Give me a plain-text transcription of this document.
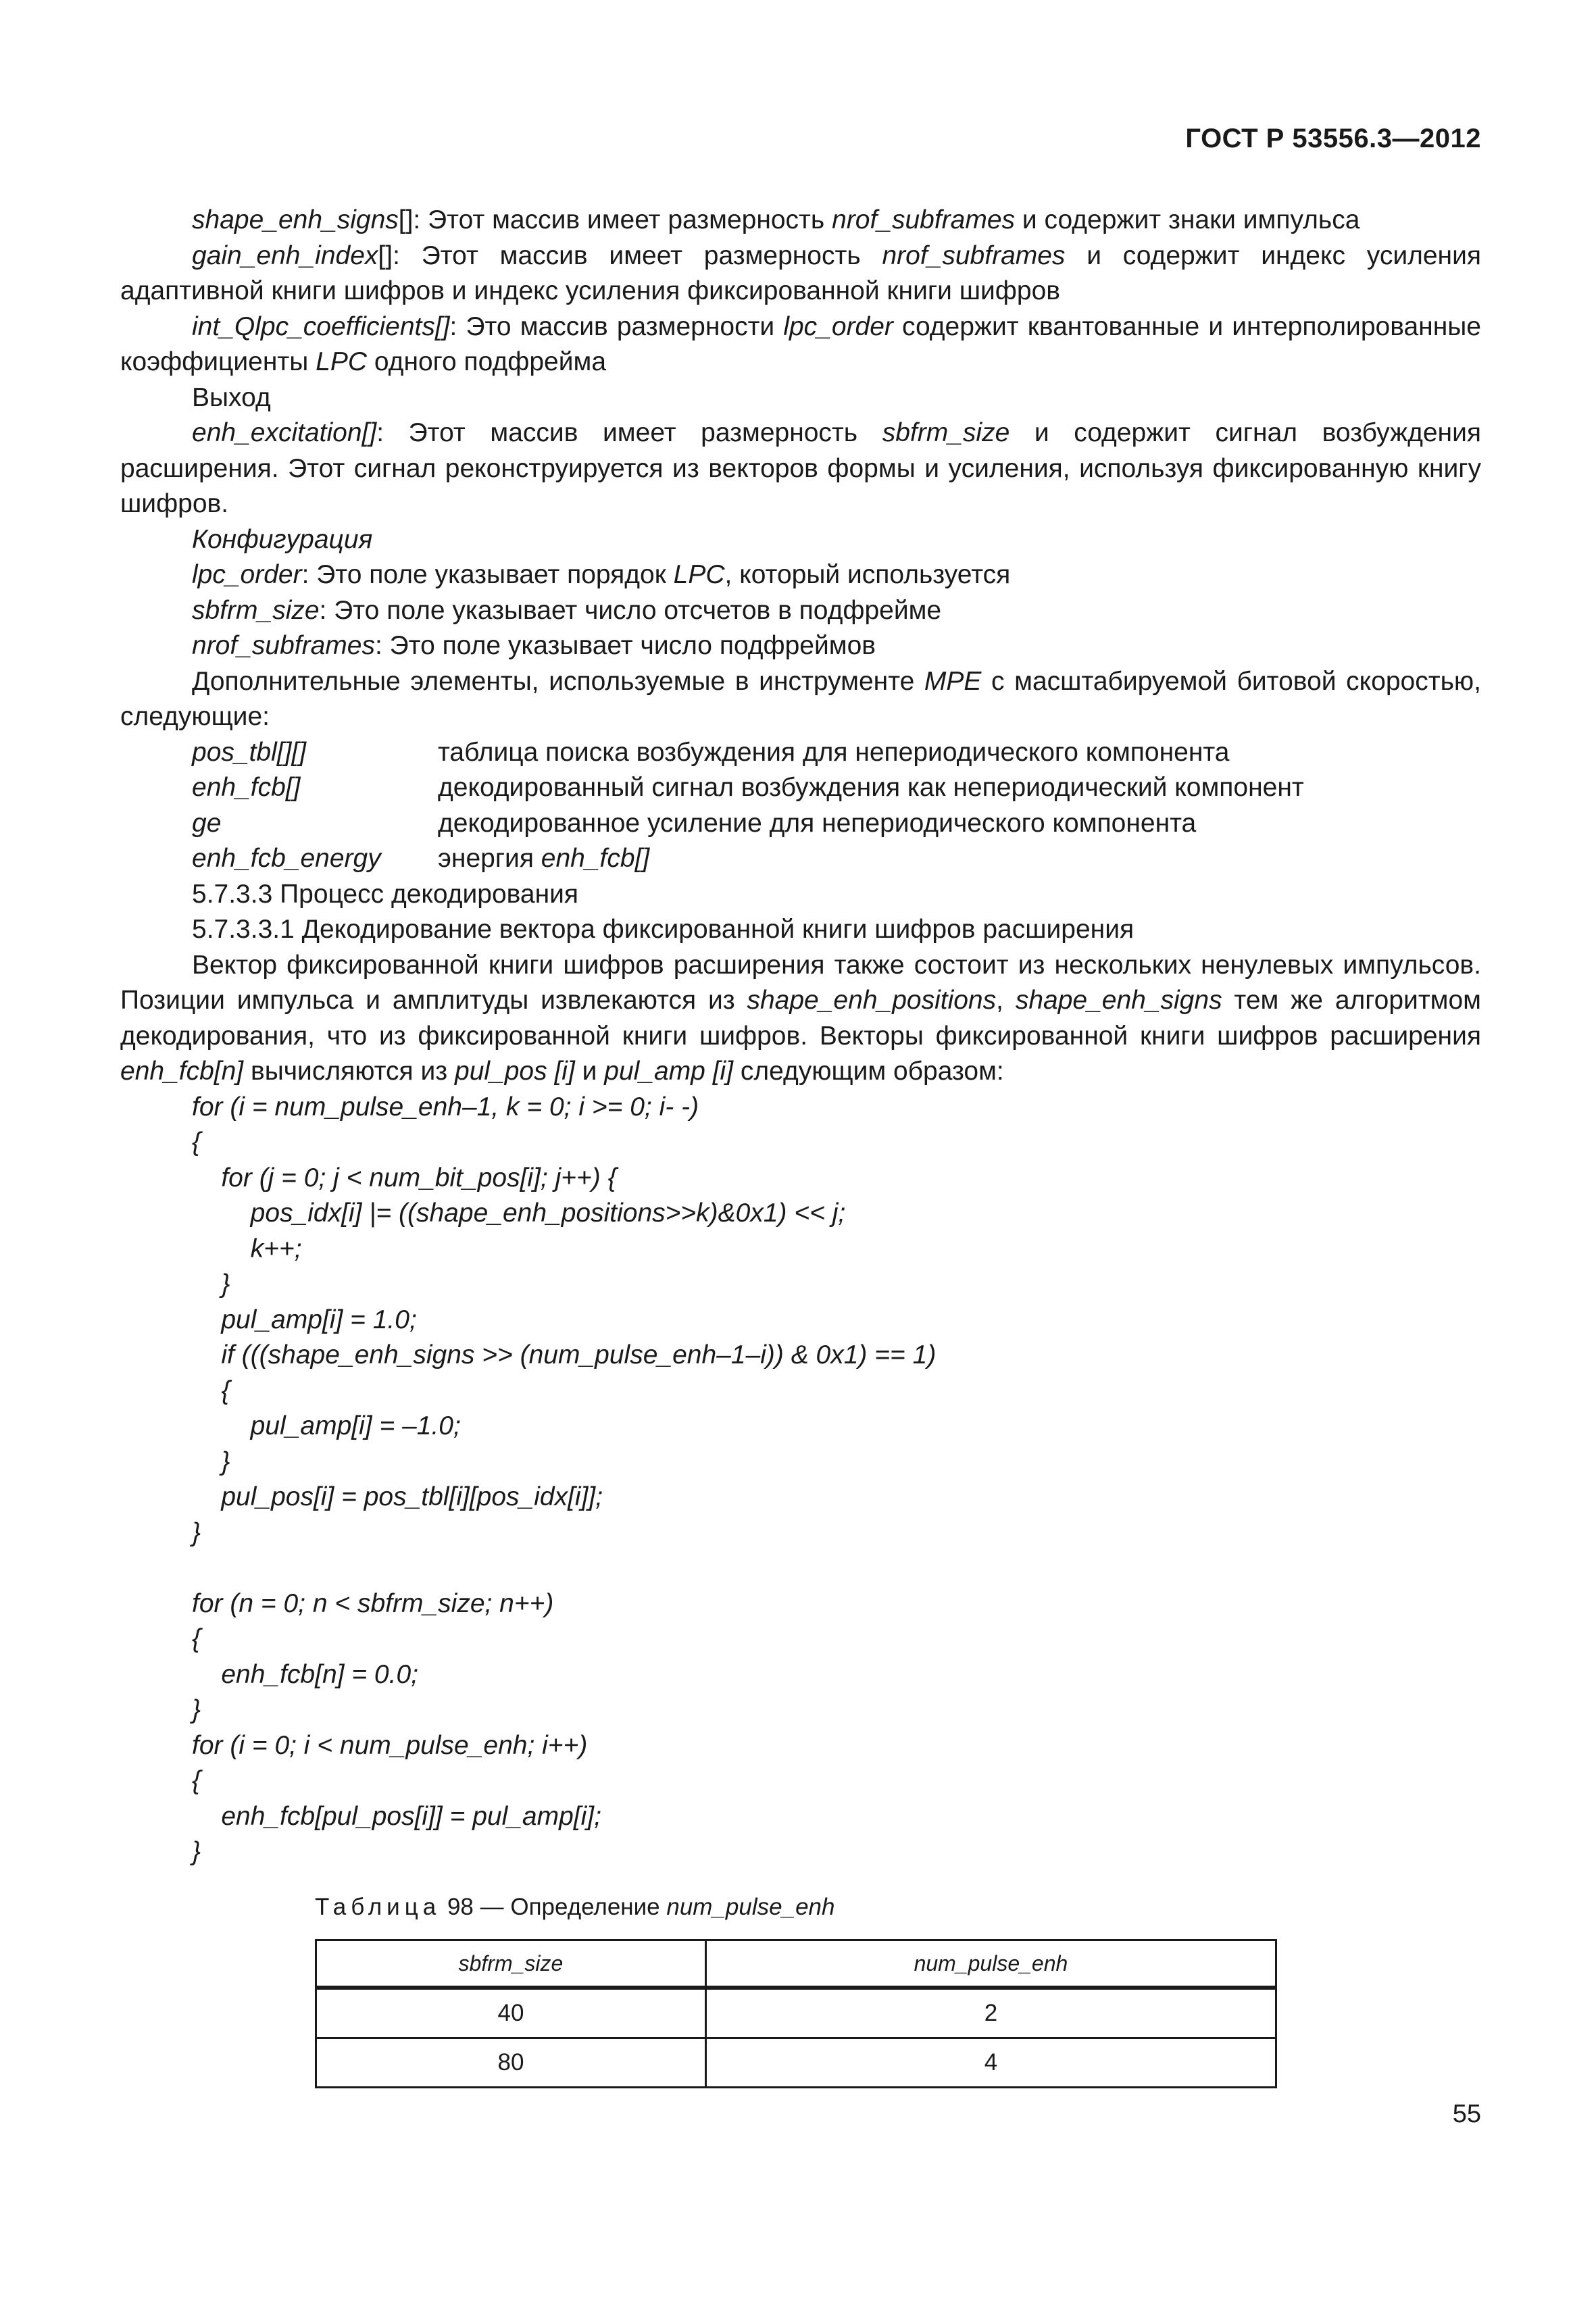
ГОСТ Р 53556.3—2012

shape_enh_signs[]: Этот массив имеет размерность nrof_subframes и содержит знаки импульса

gain_enh_index[]: Этот массив имеет размерность nrof_subframes и содержит индекс усиления адаптивной книги шифров и индекс усиления фиксированной книги шифров

int_Qlpc_coefficients[]: Это массив размерности lpc_order содержит квантованные и интерполированные коэффициенты LPC одного подфрейма

Выход

enh_excitation[]: Этот массив имеет размерность sbfrm_size и содержит сигнал возбуждения расширения. Этот сигнал реконструируется из векторов формы и усиления, используя фиксированную книгу шифров.

Конфигурация

lpc_order: Это поле указывает порядок LPC, который используется

sbfrm_size: Это поле указывает число отсчетов в подфрейме

nrof_subframes: Это поле указывает число подфреймов

Дополнительные элементы, используемые в инструменте MPE с масштабируемой битовой скоростью, следующие:

pos_tbl[][]	таблица поиска возбуждения для непериодического компонента
enh_fcb[]	декодированный сигнал возбуждения как непериодический компонент
ge	декодированное усиление для непериодического компонента
enh_fcb_energy	энергия enh_fcb[]

5.7.3.3 Процесс декодирования

5.7.3.3.1 Декодирование вектора фиксированной книги шифров расширения

Вектор фиксированной книги шифров расширения также состоит из нескольких ненулевых импульсов. Позиции импульса и амплитуды извлекаются из shape_enh_positions, shape_enh_signs тем же алгоритмом декодирования, что из фиксированной книги шифров. Векторы фиксированной книги шифров расширения enh_fcb[n] вычисляются из pul_pos [i] и pul_amp [i] следующим образом:

for (i = num_pulse_enh–1, k = 0; i >= 0; i- -)
{
for (j = 0; j < num_bit_pos[i]; j++) {
pos_idx[i] |= ((shape_enh_positions>>k)&0x1) << j;
k++;
}
pul_amp[i] = 1.0;
if (((shape_enh_signs >> (num_pulse_enh–1–i)) & 0x1) == 1)
{
pul_amp[i] = –1.0;
}
pul_pos[i] = pos_tbl[i][pos_idx[i]];
}
for (n = 0; n < sbfrm_size; n++)
{
enh_fcb[n] = 0.0;
}
for (i = 0; i < num_pulse_enh; i++)
{
enh_fcb[pul_pos[i]] = pul_amp[i];
}
Таблица 98 — Определение num_pulse_enh
sbfrm_size	num_pulse_enh
40	2
80	4
55
